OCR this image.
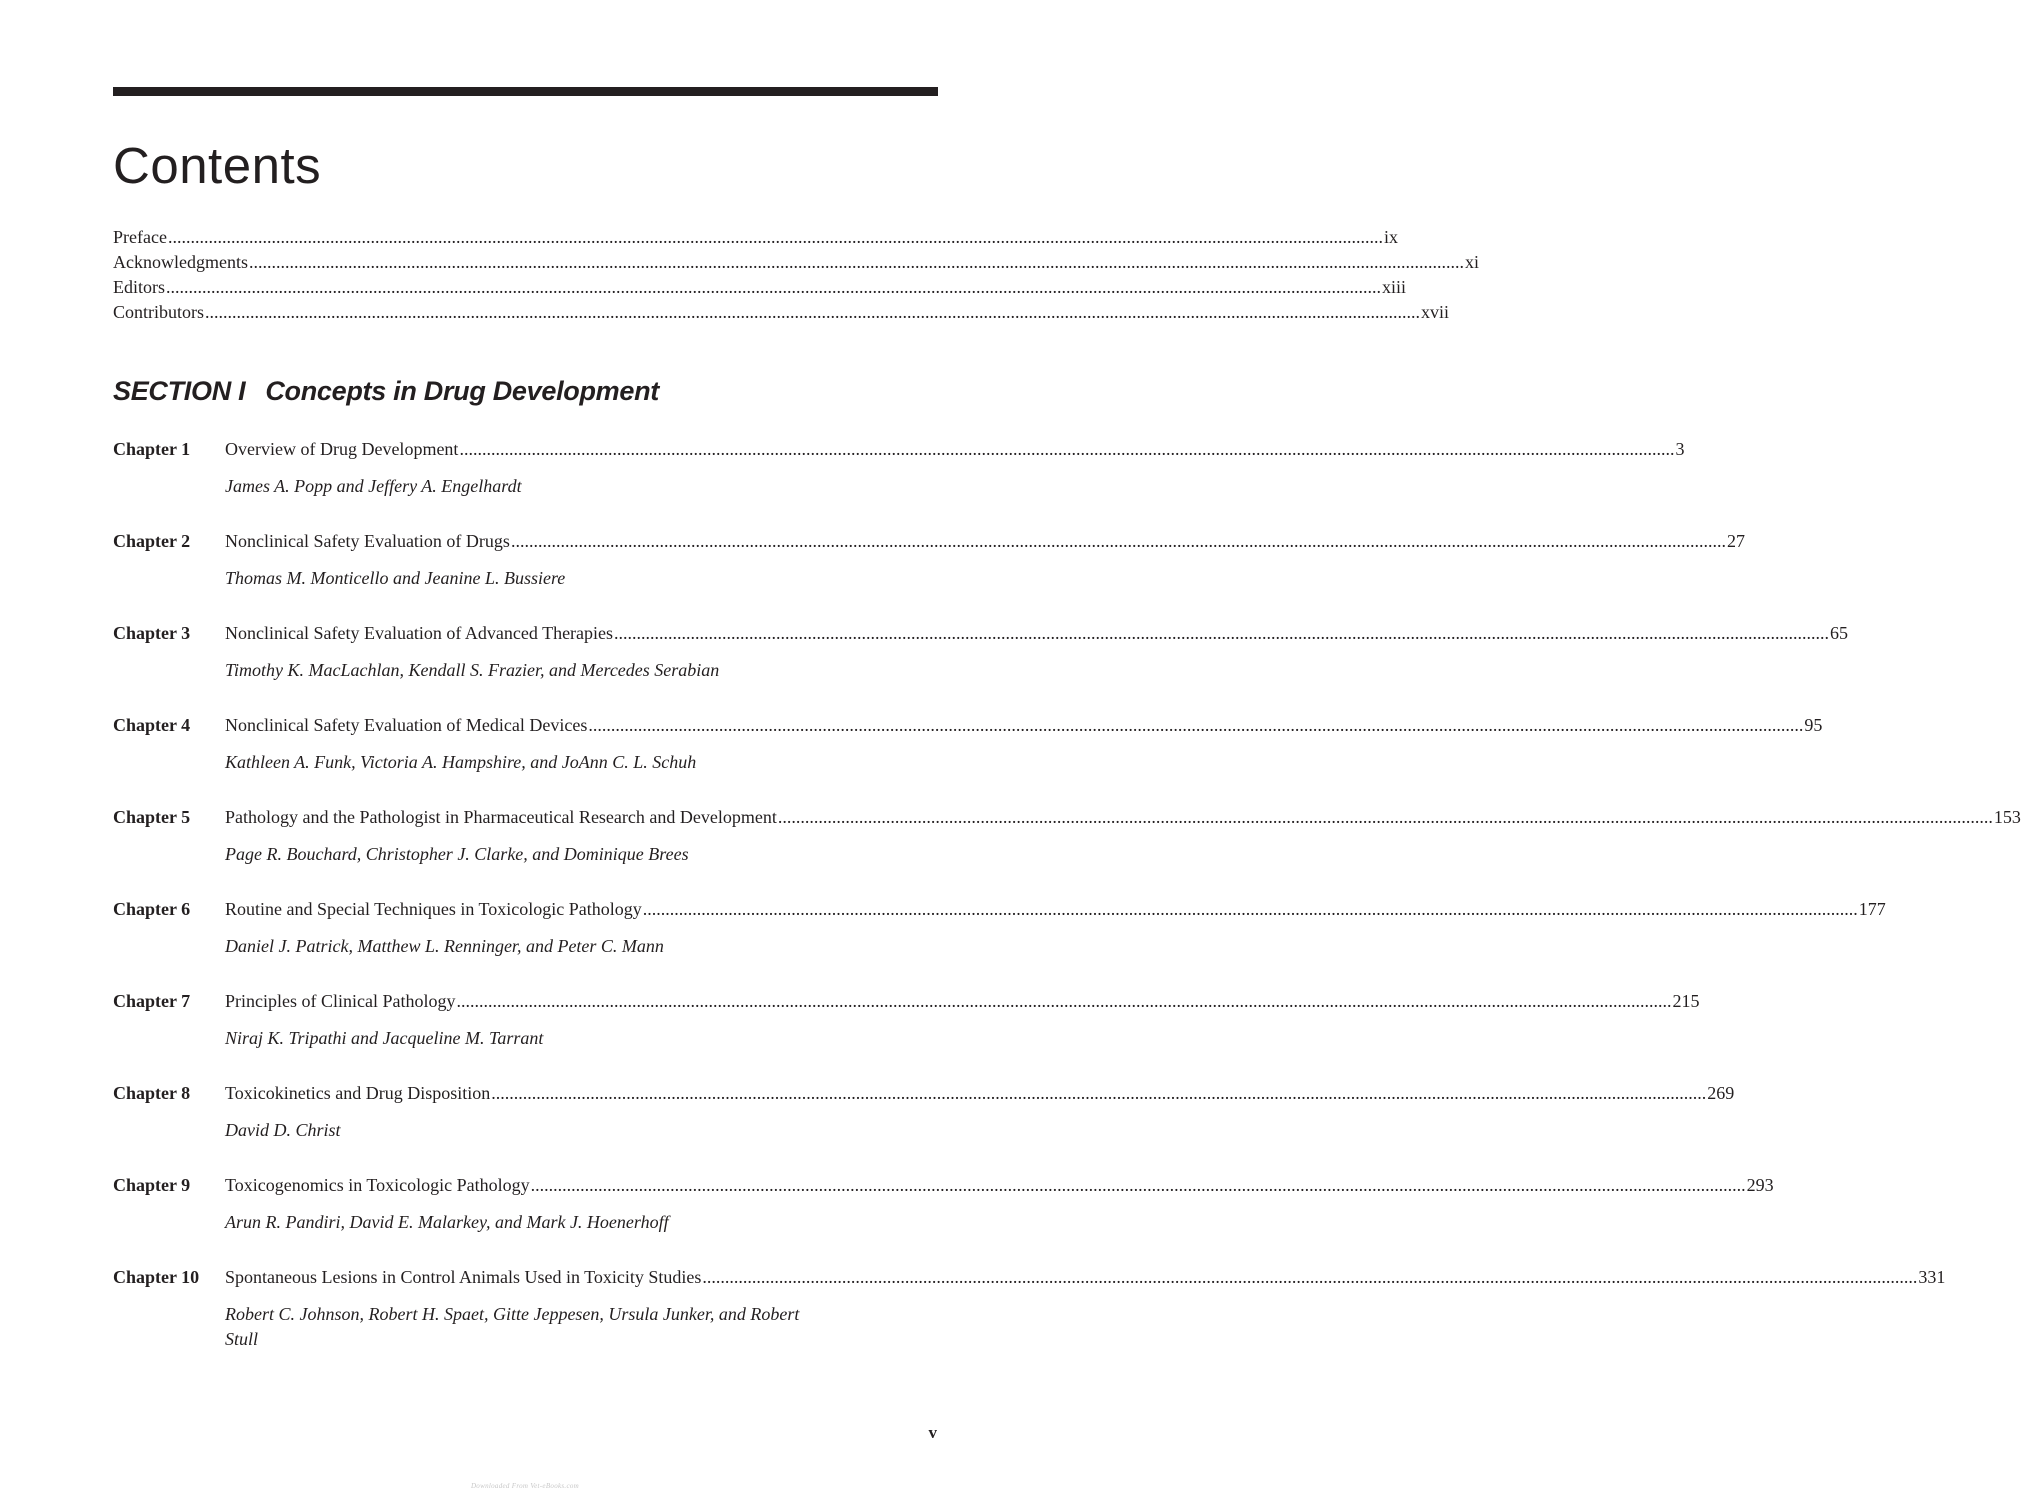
Contents
Preface .....	ix
Acknowledgments .....	xi
Editors .....	xiii
Contributors .....	xvii
SECTION I Concepts in Drug Development
Chapter 1	Overview of Drug Development .....	3
James A. Popp and Jeffery A. Engelhardt
Chapter 2	Nonclinical Safety Evaluation of Drugs .....	27
Thomas M. Monticello and Jeanine L. Bussiere
Chapter 3	Nonclinical Safety Evaluation of Advanced Therapies .....	65
Timothy K. MacLachlan, Kendall S. Frazier, and Mercedes Serabian
Chapter 4	Nonclinical Safety Evaluation of Medical Devices .....	95
Kathleen A. Funk, Victoria A. Hampshire, and JoAnn C. L. Schuh
Chapter 5	Pathology and the Pathologist in Pharmaceutical Research and Development .....	153
Page R. Bouchard, Christopher J. Clarke, and Dominique Brees
Chapter 6	Routine and Special Techniques in Toxicologic Pathology .....	177
Daniel J. Patrick, Matthew L. Renninger, and Peter C. Mann
Chapter 7	Principles of Clinical Pathology .....	215
Niraj K. Tripathi and Jacqueline M. Tarrant
Chapter 8	Toxicokinetics and Drug Disposition .....	269
David D. Christ
Chapter 9	Toxicogenomics in Toxicologic Pathology .....	293
Arun R. Pandiri, David E. Malarkey, and Mark J. Hoenerhoff
Chapter 10	Spontaneous Lesions in Control Animals Used in Toxicity Studies .....	331
Robert C. Johnson, Robert H. Spaet, Gitte Jeppesen, Ursula Junker, and Robert Stull
v
Downloaded From Vet-eBooks.com
